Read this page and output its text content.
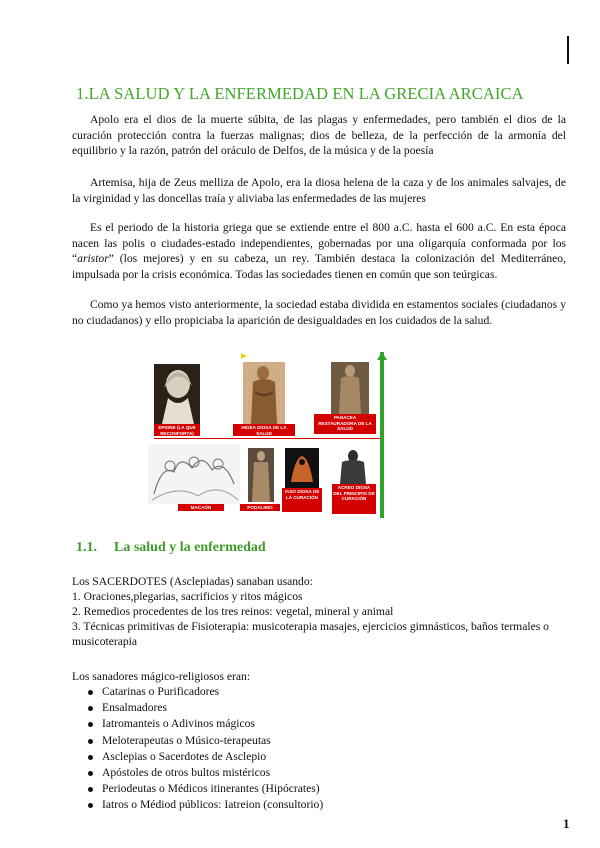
1.LA SALUD Y LA ENFERMEDAD EN LA GRECIA ARCAICA

Apolo era el dios de la muerte súbita, de las plagas y enfermedades, pero también el dios de la curación protección contra la fuerzas malignas; dios de belleza, de la perfección de la armonía del equilibrio y la razón, patrón del oráculo de Delfos, de la música y de la poesía

Artemisa, hija de Zeus melliza de Apolo, era la diosa helena de la caza y de los animales salvajes, de la virginidad y las doncellas traía y aliviaba las enfermedades de las mujeres

Es el periodo de la historia griega que se extiende entre el 800 a.C. hasta el 600 a.C. En esta época nacen las polis o ciudades-estado independientes, gobernadas por una oligarquía conformada por los “aristor” (los mejores) y en su cabeza, un rey. También destaca la colonización del Mediterráneo, impulsada por la crisis económica. Todas las sociedades tienen en común que son teúrgicas.

Como ya hemos visto anteriormente, la sociedad estaba dividida en estamentos sociales (ciudadanos y no ciudadanos) y ello propiciaba la aparición de desigualdades en los cuidados de la salud.

EPIONE (LA QUE RECONFORTA)
HIGEA DIOSA DE LA SALUD
PANACEA RESTAURADORA DE LA SALUD
MACAÓN	PODALIRIO
IASO DIOSA DE LA CURACIÓN
ACREO DIOSA DEL PRINCIPIO DE CURACIÓN
1.1. La salud y la enfermedad

Los SACERDOTES (Asclepiadas) sanaban usando:

1. Oraciones,plegarias, sacrificios y ritos mágicos

2. Remedios procedentes de los tres reinos: vegetal, mineral y animal

3. Técnicas primitivas de Fisioterapia: musicoterapia masajes, ejercicios gimnásticos, baños termales o musicoterapia

Los sanadores mágico-religiosos eran:

Catarinas o Purificadores
Ensalmadores
Iatromanteis o Adivinos mágicos
Meloterapeutas o Músico-terapeutas
Asclepias o Sacerdotes de Asclepio
Apóstoles de otros bultos mistéricos
Periodeutas o Médicos itinerantes (Hipócrates)
Iatros o Médiod públicos: Iatreion (consultorio)
1
